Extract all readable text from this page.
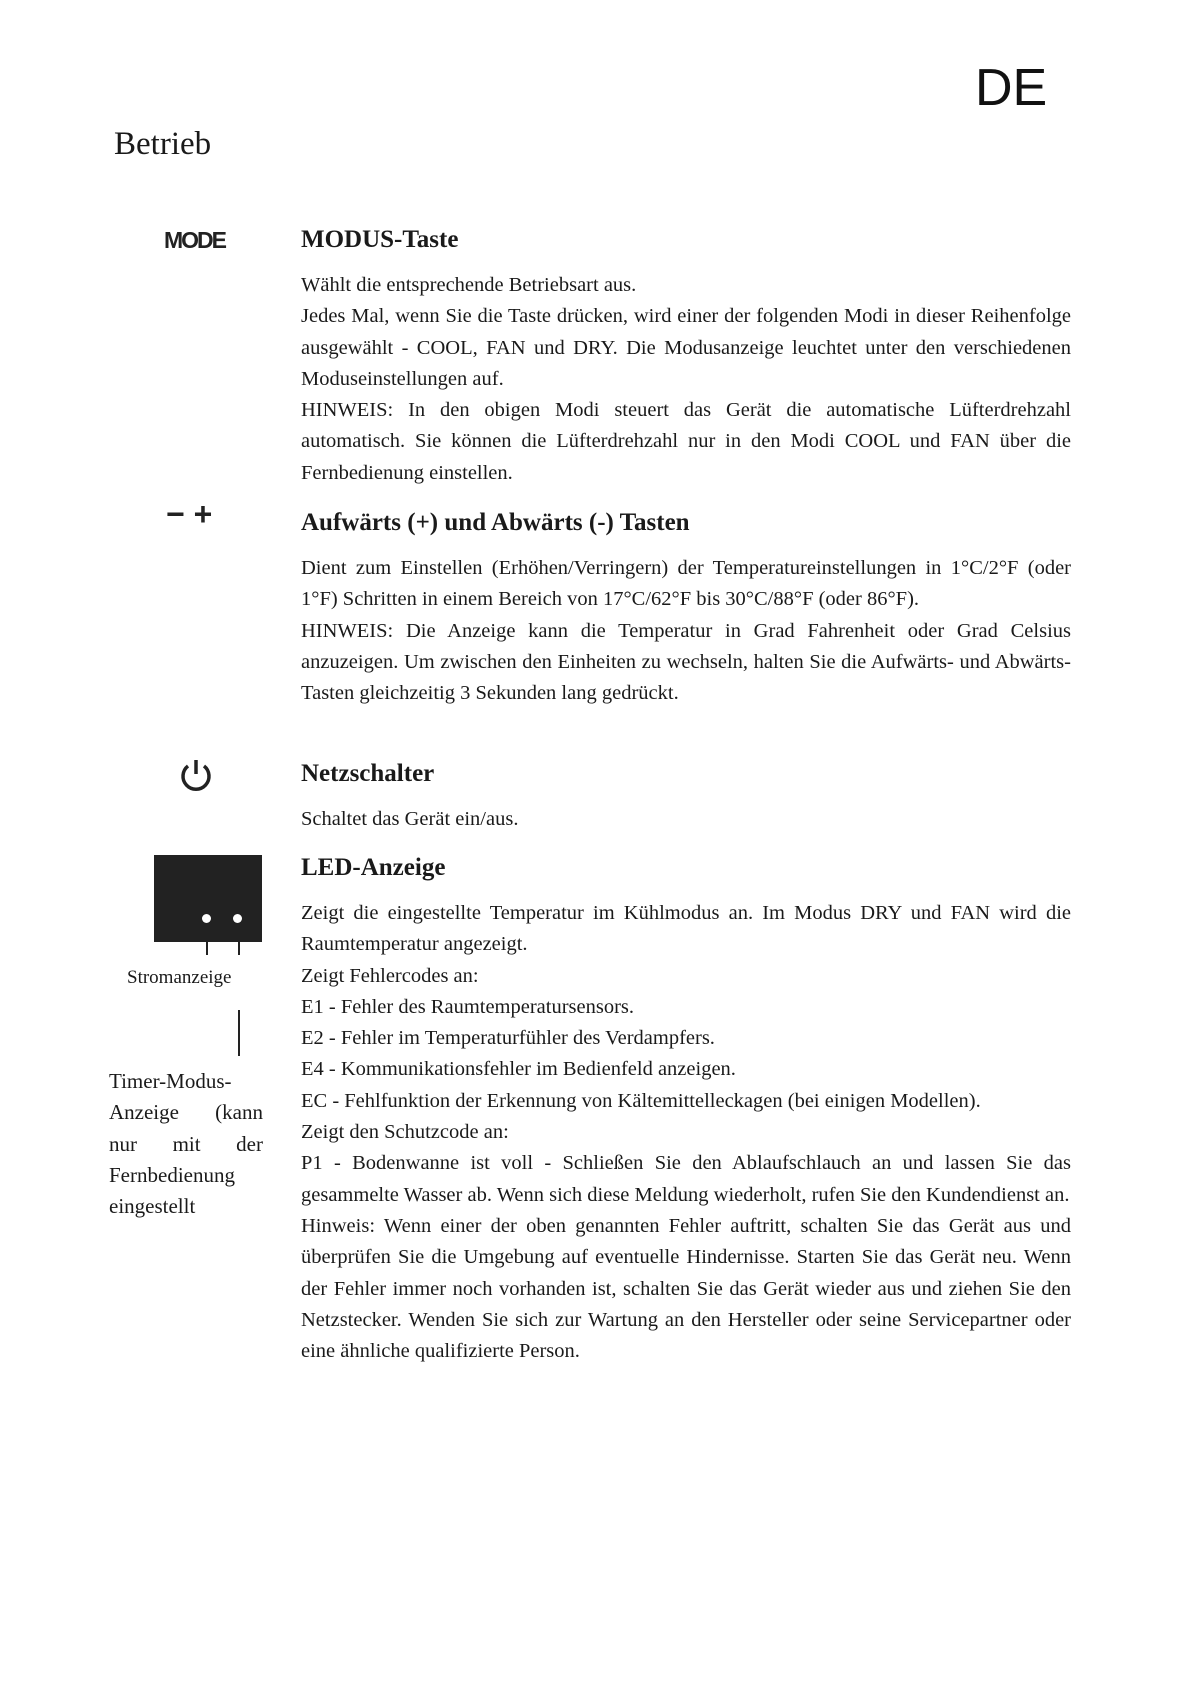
DE
Betrieb
MODE
− +
Stromanzeige
Timer-Modus-Anzeige (kann nur mit der Fernbedienung eingestellt
MODUS-Taste

Wählt die entsprechende Betriebsart aus.

Jedes Mal, wenn Sie die Taste drücken, wird einer der folgenden Modi in dieser Reihenfolge ausgewählt - COOL, FAN und DRY. Die Modusanzeige leuchtet unter den verschiedenen Moduseinstellungen auf.

HINWEIS: In den obigen Modi steuert das Gerät die automatische Lüfterdrehzahl automatisch. Sie können die Lüfterdrehzahl nur in den Modi COOL und FAN über die Fernbedienung einstellen.

Aufwärts (+) und Abwärts (-) Tasten

Dient zum Einstellen (Erhöhen/Verringern) der Temperatureinstellungen in 1°C/2°F (oder 1°F) Schritten in einem Bereich von 17°C/62°F bis 30°C/88°F (oder 86°F).

HINWEIS: Die Anzeige kann die Temperatur in Grad Fahrenheit oder Grad Celsius anzuzeigen. Um zwischen den Einheiten zu wechseln, halten Sie die Aufwärts- und Abwärts-Tasten gleichzeitig 3 Sekunden lang gedrückt.

Netzschalter

Schaltet das Gerät ein/aus.

LED-Anzeige

Zeigt die eingestellte Temperatur im Kühlmodus an. Im Modus DRY und FAN wird die Raumtemperatur angezeigt.

Zeigt Fehlercodes an:

E1 - Fehler des Raumtemperatursensors.

E2 - Fehler im Temperaturfühler des Verdampfers.

E4 - Kommunikationsfehler im Bedienfeld anzeigen.

EC - Fehlfunktion der Erkennung von Kältemittelleckagen (bei einigen Modellen).

Zeigt den Schutzcode an:

P1 - Bodenwanne ist voll - Schließen Sie den Ablaufschlauch an und lassen Sie das gesammelte Wasser ab. Wenn sich diese Meldung wiederholt, rufen Sie den Kundendienst an.

Hinweis: Wenn einer der oben genannten Fehler auftritt, schalten Sie das Gerät aus und überprüfen Sie die Umgebung auf eventuelle Hindernisse. Starten Sie das Gerät neu. Wenn der Fehler immer noch vorhanden ist, schalten Sie das Gerät wieder aus und ziehen Sie den Netzstecker. Wenden Sie sich zur Wartung an den Hersteller oder seine Servicepartner oder eine ähnliche qualifizierte Person.
